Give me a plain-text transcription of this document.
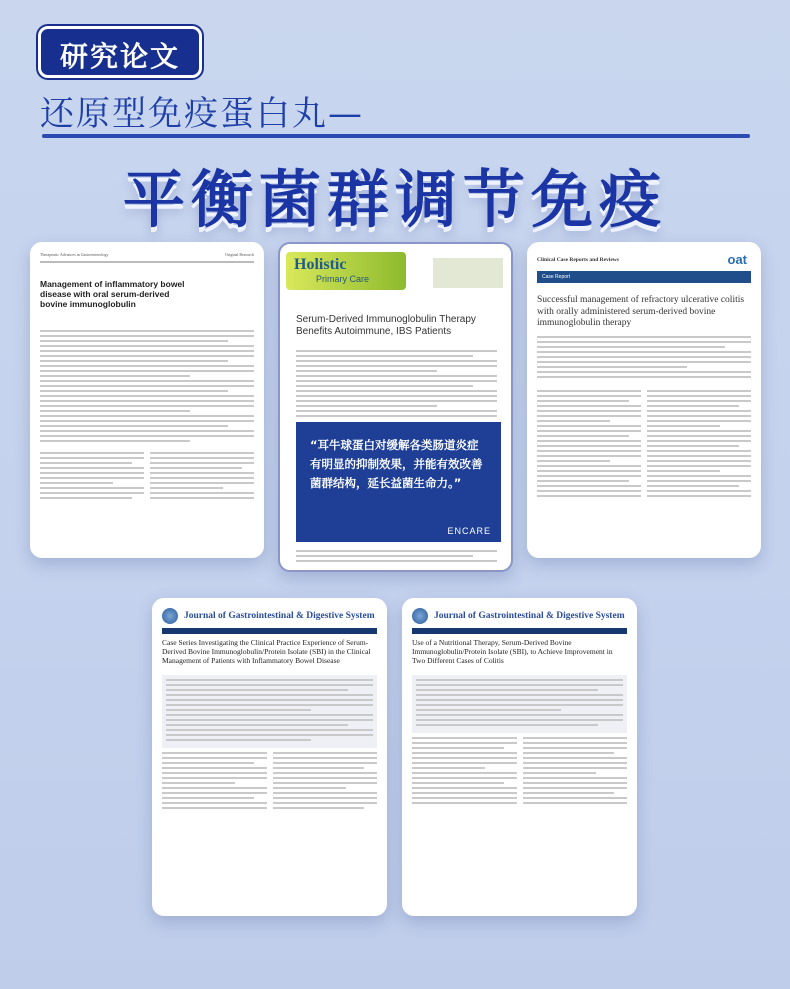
研究论文
还原型免疫蛋白丸—
平衡菌群调节免疫
Therapeutic Advances in Gastroenterology	Original Research
Management of inflammatory bowel disease with oral serum-derived bovine immunoglobulin
Holistic
Primary Care
Serum-Derived Immunoglobulin Therapy Benefits Autoimmune, IBS Patients

“耳牛球蛋白对缓解各类肠道炎症有明显的抑制效果，并能有效改善菌群结构，延长益菌生命力。”

ENCARE
Clinical Case Reports and Reviews	oat
Case Report
Successful management of refractory ulcerative colitis with orally administered serum-derived bovine immunoglobulin therapy
Journal of Gastrointestinal & Digestive System
Case Series Investigating the Clinical Practice Experience of Serum-Derived Bovine Immunoglobulin/Protein Isolate (SBI) in the Clinical Management of Patients with Inflammatory Bowel Disease
Journal of Gastrointestinal & Digestive System
Use of a Nutritional Therapy, Serum-Derived Bovine Immunoglobulin/Protein Isolate (SBI), to Achieve Improvement in Two Different Cases of Colitis
